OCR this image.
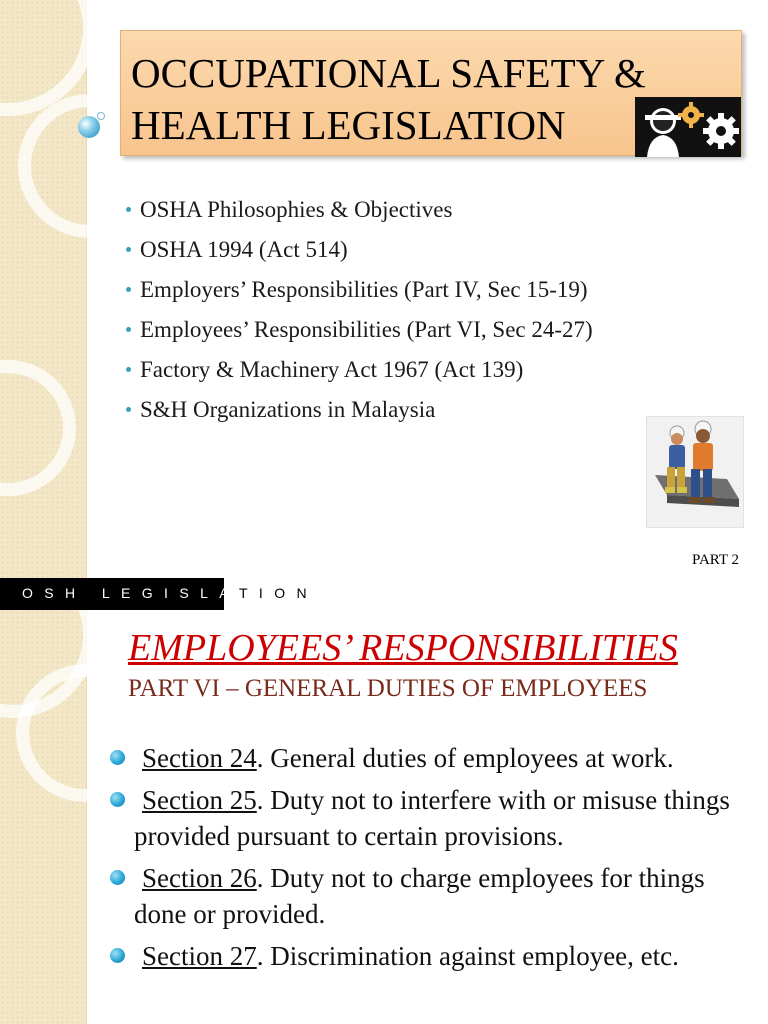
OCCUPATIONAL SAFETY &
HEALTH LEGISLATION
OSHA Philosophies & Objectives
OSHA 1994 (Act 514)
Employers’ Responsibilities (Part IV, Sec 15-19)
Employees’ Responsibilities (Part VI, Sec 24-27)
Factory & Machinery Act 1967 (Act 139)
S&H Organizations in Malaysia
PART 2
OSH LEGISLATION
EMPLOYEES’ RESPONSIBILITIES
PART VI – GENERAL DUTIES OF EMPLOYEES
Section 24. General duties of employees at work.
Section 25. Duty not to interfere with or misuse things provided pursuant to certain provisions.
Section 26. Duty not to charge employees for things done or provided.
Section 27. Discrimination against employee, etc.
